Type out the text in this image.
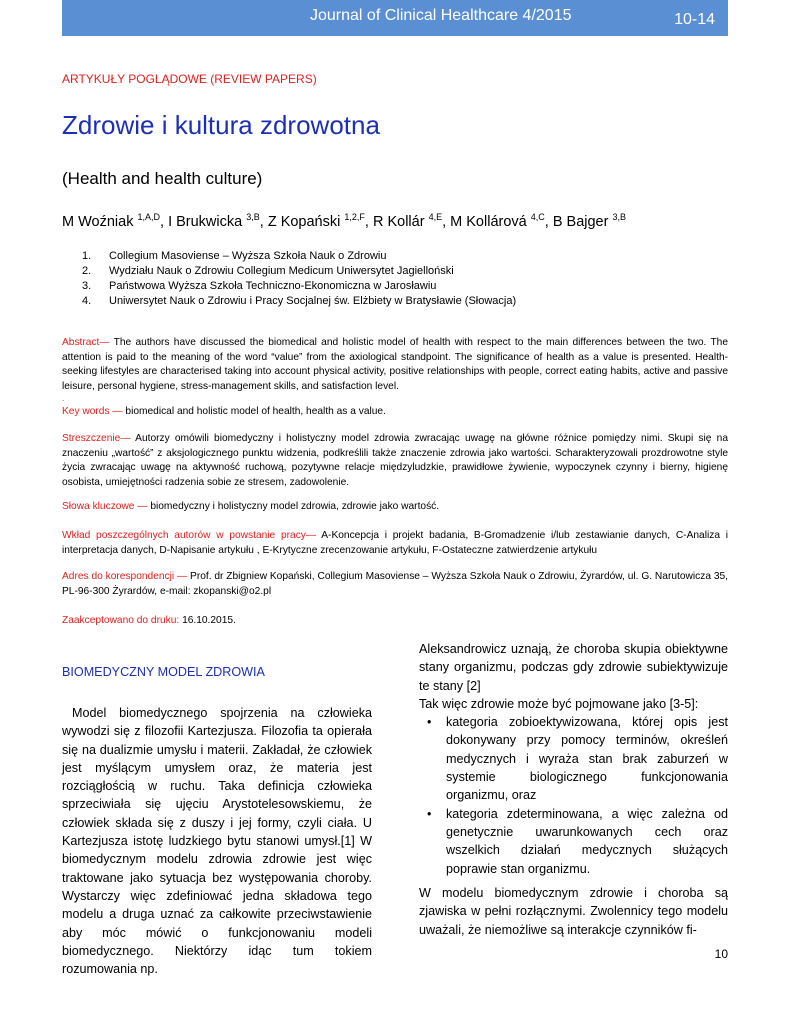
Journal of Clinical Healthcare 4/2015	10-14
ARTYKUŁY POGLĄDOWE (REVIEW PAPERS)
Zdrowie i kultura zdrowotna
(Health and health culture)
M Woźniak $^{1,A,D}$, I Brukwicka $^{3,B}$, Z Kopański $^{1,2,F}$, R Kollár $^{4,E}$, M Kollárová $^{4,C}$, B Bajger $^{3,B}$
1. Collegium Masoviense – Wyższa Szkoła Nauk o Zdrowiu
2. Wydziału Nauk o Zdrowiu Collegium Medicum Uniwersytet Jagielloński
3. Państwowa Wyższa Szkoła Techniczno-Ekonomiczna w Jarosławiu
4. Uniwersytet Nauk o Zdrowiu i Pracy Socjalnej św. Elżbiety w Bratysławie (Słowacja)
Abstract— The authors have discussed the biomedical and holistic model of health with respect to the main differences between the two. The attention is paid to the meaning of the word “value” from the axiological standpoint. The significance of health as a value is presented. Health-seeking lifestyles are characterised taking into account physical activity, positive relationships with people, correct eating habits, active and passive leisure, personal hygiene, stress-management skills, and satisfaction level.
.
Key words — biomedical and holistic model of health, health as a value.
Streszczenie— Autorzy omówili biomedyczny i holistyczny model zdrowia zwracając uwagę na główne różnice pomiędzy nimi. Skupi się na znaczeniu „wartość” z aksjologicznego punktu widzenia, podkreślili także znaczenie zdrowia jako wartości. Scharakteryzowali prozdrowotne style życia zwracając uwagę na aktywność ruchową, pozytywne relacje międzyludzkie, prawidłowe żywienie, wypoczynek czynny i bierny, higienę osobista, umiejętności radzenia sobie ze stresem, zadowolenie.
Słowa kluczowe — biomedyczny i holistyczny model zdrowia, zdrowie jako wartość.
Wkład poszczególnych autorów w powstanie pracy— A-Koncepcja i projekt badania, B-Gromadzenie i/lub zestawianie danych, C-Analiza i interpretacja danych, D-Napisanie artykułu , E-Krytyczne zrecenzowanie artykułu, F-Ostateczne zatwierdzenie artykułu
Adres do korespondencji — Prof. dr Zbigniew Kopański, Collegium Masoviense – Wyższa Szkoła Nauk o Zdrowiu, Żyrardów, ul. G. Narutowicza 35, PL-96-300 Żyrardów, e-mail: zkopanski@o2.pl
Zaakceptowano do druku: 16.10.2015.
BIOMEDYCZNY MODEL ZDROWIA
Model biomedycznego spojrzenia na człowieka wywodzi się z filozofii Kartezjusza. Filozofia ta opierała się na dualizmie umysłu i materii. Zakładał, że człowiek jest myślącym umysłem oraz, że materia jest rozciągłością w ruchu. Taka definicja człowieka sprzeciwiała się ujęciu Arystotelesowskiemu, że człowiek składa się z duszy i jej formy, czyli ciała. U Kartezjusza istotę ludzkiego bytu stanowi umysł.[1] W biomedycznym modelu zdrowia zdrowie jest więc traktowane jako sytuacja bez występowania choroby. Wystarczy więc zdefiniować jedna składowa tego modelu a druga uznać za całkowite przeciwstawienie aby móc mówić o funkcjonowaniu modeli biomedycznego. Niektórzy idąc tum tokiem rozumowania np.
Aleksandrowicz uznają, że choroba skupia obiektywne stany organizmu, podczas gdy zdrowie subiektywizuje te stany [2]
Tak więc zdrowie może być pojmowane jako [3-5]:
• kategoria zobioektywizowana, której opis jest dokonywany przy pomocy terminów, określeń medycznych i wyraża stan brak zaburzeń w systemie biologicznego funkcjonowania organizmu, oraz
• kategoria zdeterminowana, a więc zależna od genetycznie uwarunkowanych cech oraz wszelkich działań medycznych służących poprawie stan organizmu.
W modelu biomedycznym zdrowie i choroba są zjawiska w pełni rozłącznymi. Zwolennicy tego modelu uważali, że niemożliwe są interakcje czynników fi-
10
